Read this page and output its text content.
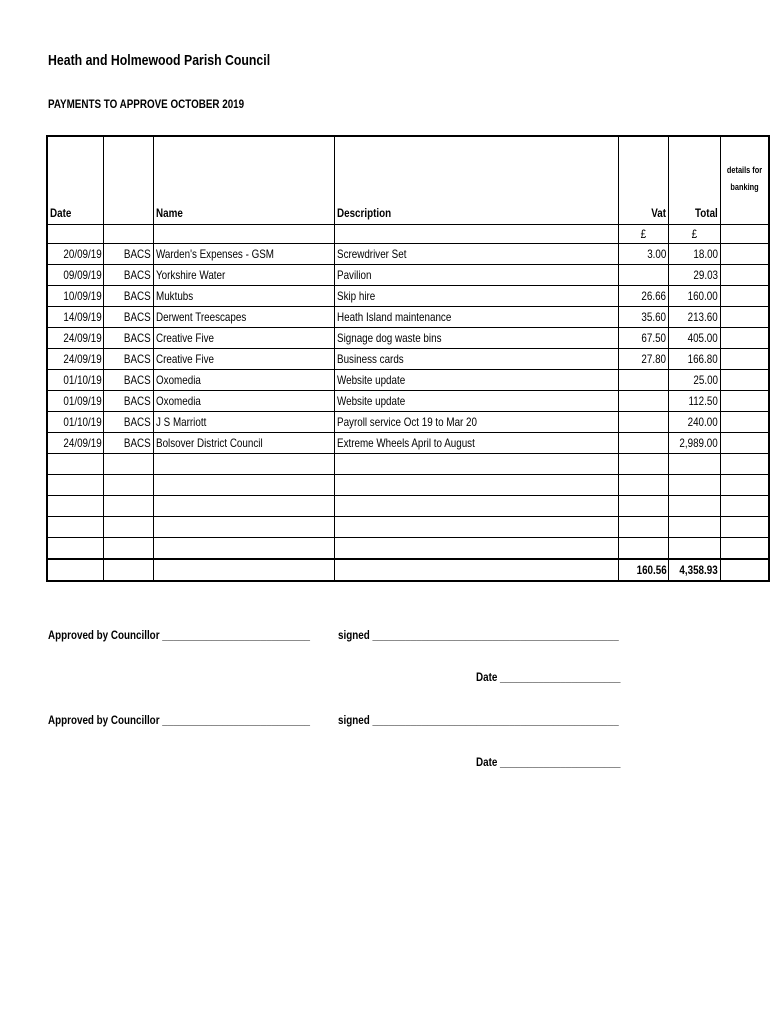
Heath and Holmewood Parish Council
PAYMENTS TO APPROVE OCTOBER 2019
Date		Name	Description	Vat	Total	details for
banking
				£	£	
20/09/19	BACS	Warden's Expenses - GSM	Screwdriver Set	3.00	18.00	
09/09/19	BACS	Yorkshire Water	Pavilion		29.03	
10/09/19	BACS	Muktubs	Skip hire	26.66	160.00	
14/09/19	BACS	Derwent Treescapes	Heath Island maintenance	35.60	213.60	
24/09/19	BACS	Creative Five	Signage dog waste bins	67.50	405.00	
24/09/19	BACS	Creative Five	Business cards	27.80	166.80	
01/10/19	BACS	Oxomedia	Website update		25.00	
01/09/19	BACS	Oxomedia	Website update		112.50	
01/10/19	BACS	J S Marriott	Payroll service Oct 19 to Mar 20		240.00	
24/09/19	BACS	Bolsover District Council	Extreme Wheels April to August		2,989.00	

				160.56	4,358.93	
Approved by Councillor ___________________________ signed _____________________________________________
Date ______________________
Approved by Councillor ___________________________ signed _____________________________________________
Date ______________________
